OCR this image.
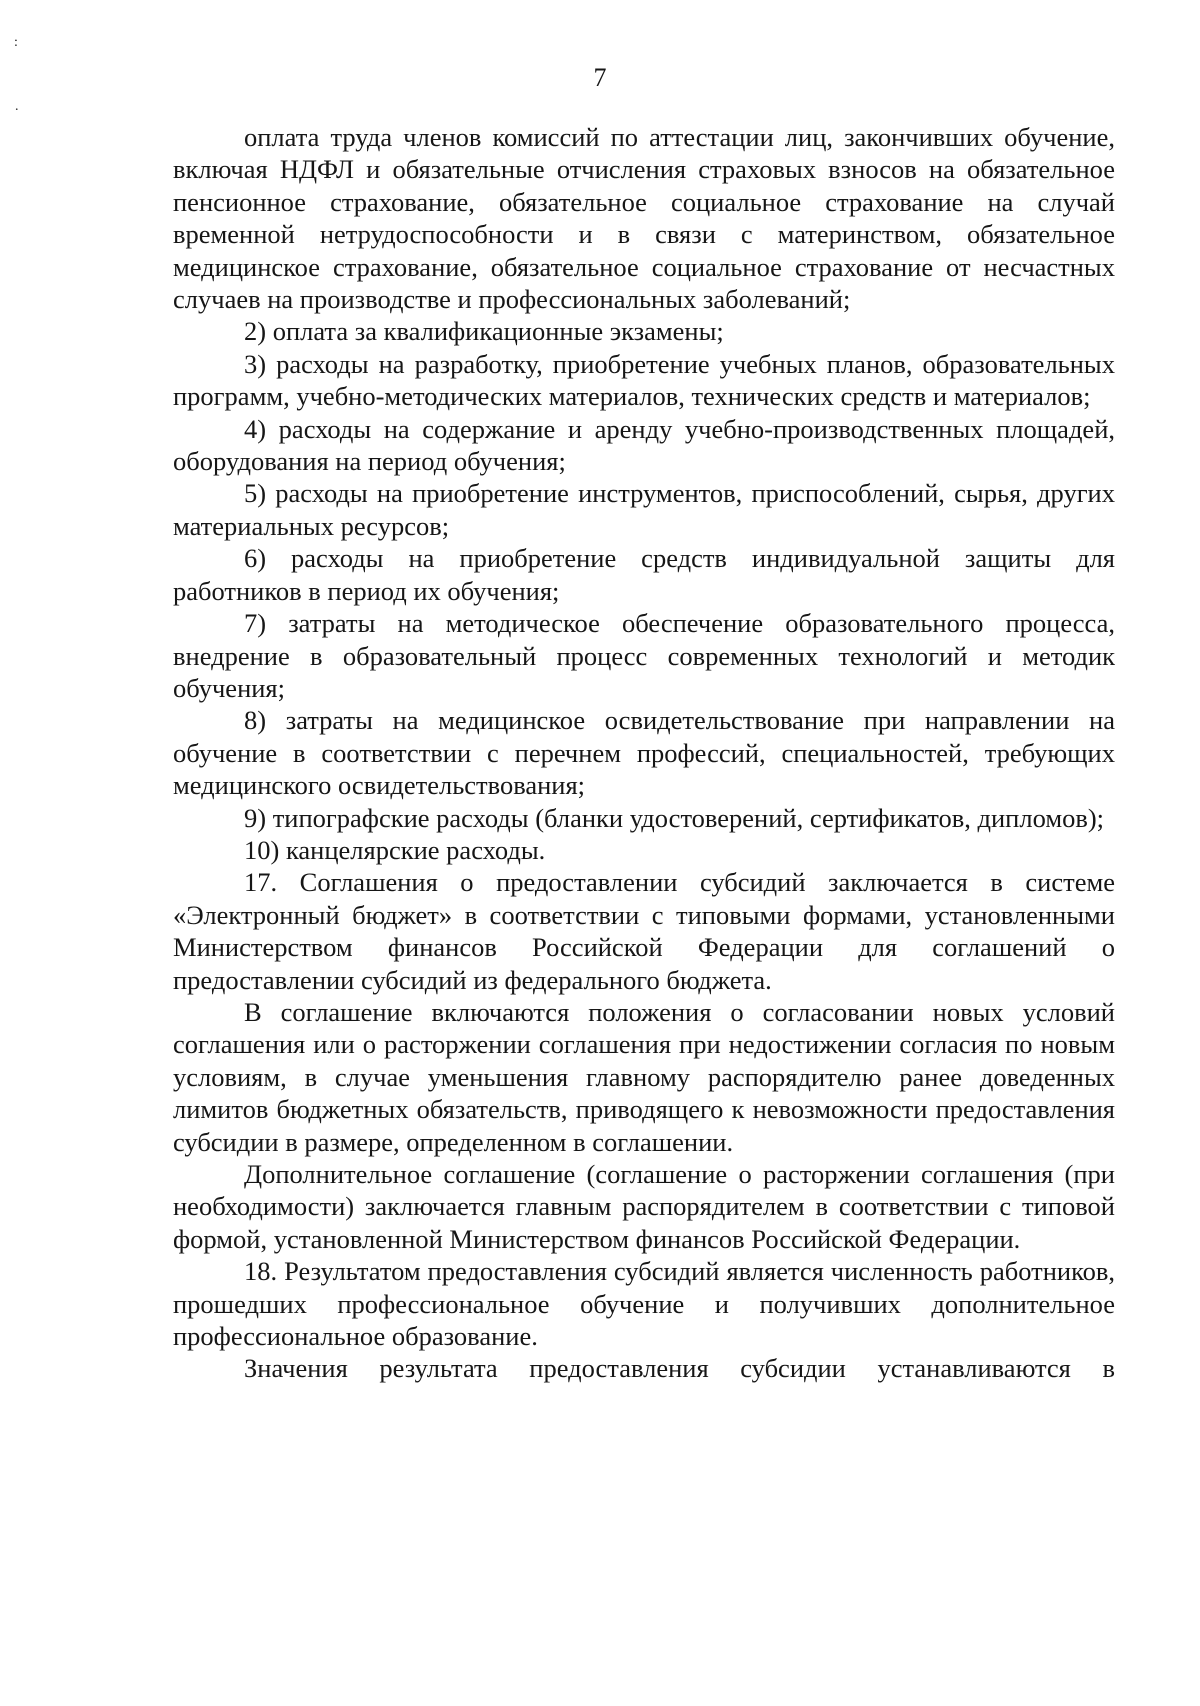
:
.
7

оплата труда членов комиссий по аттестации лиц, закончивших обучение, включая НДФЛ и обязательные отчисления страховых взносов на обязательное пенсионное страхование, обязательное социальное страхование на случай временной нетрудоспособности и в связи с материнством, обязательное медицинское страхование, обязательное социальное страхование от несчастных случаев на производстве и профессиональных заболеваний;

2) оплата за квалификационные экзамены;

3) расходы на разработку, приобретение учебных планов, образовательных программ, учебно-методических материалов, технических средств и материалов;

4) расходы на содержание и аренду учебно-производственных площадей, оборудования на период обучения;

5) расходы на приобретение инструментов, приспособлений, сырья, других материальных ресурсов;

6) расходы на приобретение средств индивидуальной защиты для работников в период их обучения;

7) затраты на методическое обеспечение образовательного процесса, внедрение в образовательный процесс современных технологий и методик обучения;

8) затраты на медицинское освидетельствование при направлении на обучение в соответствии с перечнем профессий, специальностей, требующих медицинского освидетельствования;

9) типографские расходы (бланки удостоверений, сертификатов, дипломов);

10) канцелярские расходы.

17. Соглашения о предоставлении субсидий заключается в системе «Электронный бюджет» в соответствии с типовыми формами, установленными Министерством финансов Российской Федерации для соглашений о предоставлении субсидий из федерального бюджета.

В соглашение включаются положения о согласовании новых условий соглашения или о расторжении соглашения при недостижении согласия по новым условиям, в случае уменьшения главному распорядителю ранее доведенных лимитов бюджетных обязательств, приводящего к невозможности предоставления субсидии в размере, определенном в соглашении.

Дополнительное соглашение (соглашение о расторжении соглашения (при необходимости) заключается главным распорядителем в соответствии с типовой формой, установленной Министерством финансов Российской Федерации.

18. Результатом предоставления субсидий является численность работников, прошедших профессиональное обучение и получивших дополнительное профессиональное образование.

Значения результата предоставления субсидии устанавливаются в
